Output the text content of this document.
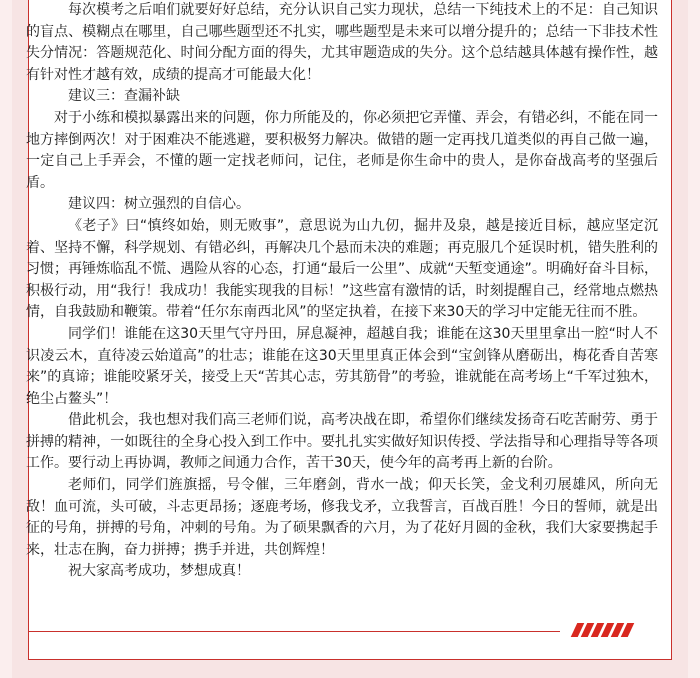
每次模考之后咱们就要好好总结，充分认识自己实力现状，总结一下纯技术上的不足：自己知识的盲点、模糊点在哪里，自己哪些题型还不扎实，哪些题型是未来可以增分提升的；总结一下非技术性失分情况：答题规范化、时间分配方面的得失，尤其审题造成的失分。这个总结越具体越有操作性，越有针对性才越有效，成绩的提高才可能最大化！

建议三：查漏补缺

对于小练和模拟暴露出来的问题，你力所能及的，你必须把它弄懂、弄会，有错必纠，不能在同一地方摔倒两次！对于困难决不能逃避，要积极努力解决。做错的题一定再找几道类似的再自己做一遍，一定自己上手弄会，不懂的题一定找老师问，记住，老师是你生命中的贵人，是你奋战高考的坚强后盾。

建议四：树立强烈的自信心。

《老子》曰“慎终如始，则无败事”，意思说为山九仞，掘井及泉，越是接近目标，越应坚定沉着、坚持不懈，科学规划、有错必纠，再解决几个悬而未决的难题；再克服几个延误时机，错失胜利的习惯；再锤炼临乱不慌、遇险从容的心态，打通“最后一公里”、成就“天堑变通途”。明确好奋斗目标，积极行动，用“我行！我成功！我能实现我的目标！”这些富有激情的话，时刻提醒自己，经常地点燃热情，自我鼓励和鞭策。带着“任尔东南西北风”的坚定执着，在接下来30天的学习中定能无往而不胜。

同学们！谁能在这30天里气守丹田，屏息凝神，超越自我；谁能在这30天里里拿出一腔“时人不识凌云木，直待凌云始道高”的壮志；谁能在这30天里里真正体会到“宝剑锋从磨砺出，梅花香自苦寒来”的真谛；谁能咬紧牙关，接受上天“苦其心志，劳其筋骨”的考验，谁就能在高考场上“千军过独木，绝尘占鳌头”！

借此机会，我也想对我们高三老师们说，高考决战在即，希望你们继续发扬奇石吃苦耐劳、勇于拼搏的精神，一如既往的全身心投入到工作中。要扎扎实实做好知识传授、学法指导和心理指导等各项工作。要行动上再协调，教师之间通力合作，苦干30天，使今年的高考再上新的台阶。

老师们，同学们旌旗摇，号令催，三年磨剑，背水一战；仰天长笑，金戈利刃展雄风，所向无敌！血可流，头可破，斗志更昂扬；逐鹿考场，修我戈矛，立我誓言，百战百胜！今日的誓师，就是出征的号角，拼搏的号角，冲刺的号角。为了硕果飘香的六月，为了花好月圆的金秋，我们大家要携起手来，壮志在胸，奋力拼搏；携手并进，共创辉煌！

祝大家高考成功，梦想成真！
